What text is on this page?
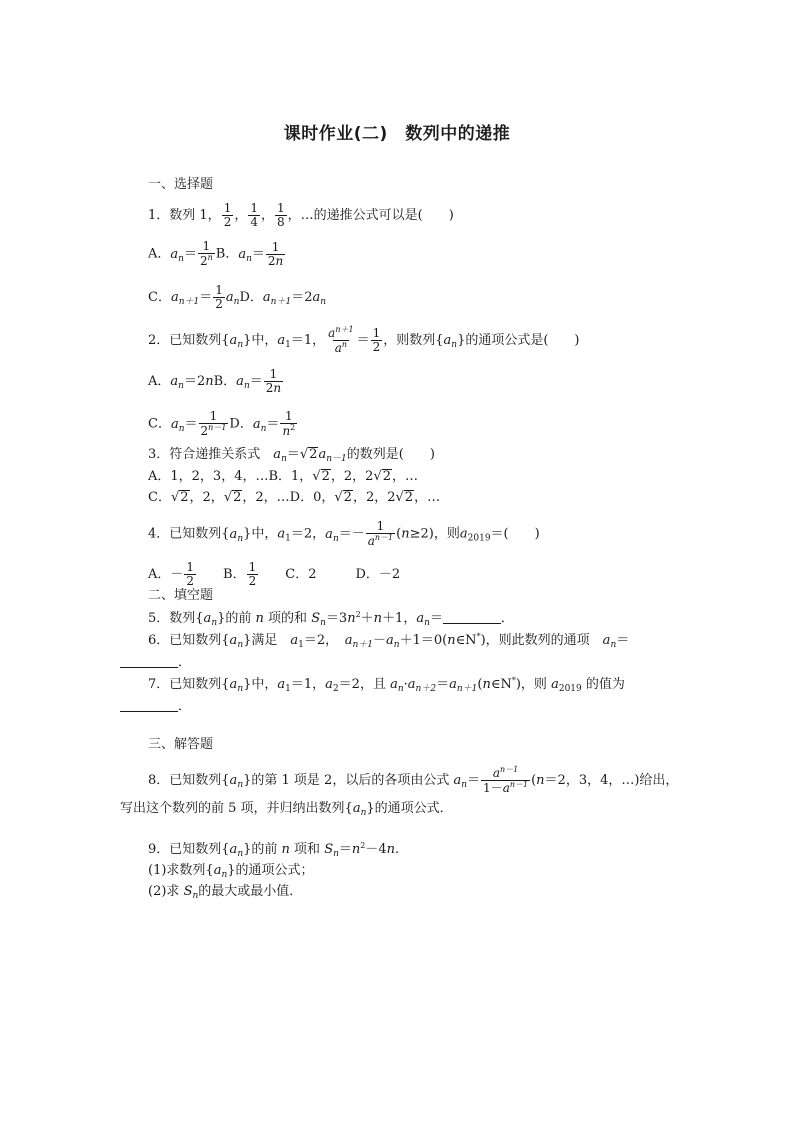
课时作业(二)　数列中的递推
一、选择题
1．数列 1， $\frac{1}{2}$ ， $\frac{1}{4}$ ， $\frac{1}{8}$ ，…的递推公式可以是(　　)
A．$a_n= \frac{1}{2^n}$ B．$a_n= \frac{1}{2n}$
C．$a_{n+1}= \frac{1}{2} a_nD$．$a_{n+1}=2a_n$
2．已知数列$\{a_n\}$中，$a_1=1$， $\frac{a^{n+1}}{a^n} = \frac{1}{2}$ ，则数列$\{a_n\}$的通项公式是(　　)
A．$a_n=2nB$．$a_n= \frac{1}{2n}$
C．$a_n= \frac{1}{2^{n-1}}$ D．$a_n= \frac{1}{n^2}$
3．符合递推关系式　 $a_n=√2a_{n-1}$的数列是(　　)
A．1，2，3，4，…B．1，√2，2，2√2，…
C．√2，2，√2，2，…D．0，√2，2，2√2，…
4．已知数列$\{a_n\}$中，$a_1=2$，$a_n=- \frac{1}{a^{n-1}} (n\ge 2)$，则$a_{2019}=$(　　)
A．－ $\frac{1}{2}$
　　 B． $\frac{1}{2}$
　　 C．2　　　	D．－2
二、填空题
5．数列$\{a_n\}$的前 n 项的和 $S_n=3n^2+n+1$，$a_n=$	．
6．已知数列$\{a_n\}$满足　 $a_1=2$，　$a_{n+1}-a_n+1=0(n\in N^*)$，则此数列的通项　 $a_n=$
．
7．已知数列$\{a_n\}$中，$a_1=1$，$a_2=2$，且 $a_n\cdot a_{n+2}=a_{n+1}(n\in N^*)$，则 $a_{2019}$ 的值为
．
三、解答题
8．已知数列$\{a_n\}$的第 1 项是 2，以后的各项由公式 $a_n= \frac{a^{n-1}}{1-a^{n-1}} (n=2$，3，4，…)给出，
写出这个数列的前 5 项，并归纳出数列$\{a_n\}$的通项公式．
9．已知数列$\{a_n\}$的前 n 项和 $S_n=n^2-4n$.
(1)求数列$\{a_n\}$的通项公式；
(2)求 $S_n$的最大或最小值．
